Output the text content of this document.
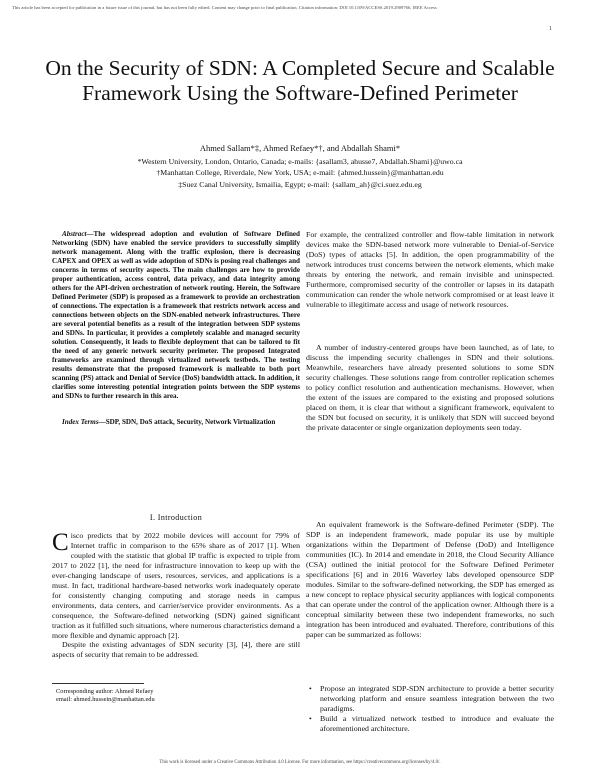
This article has been accepted for publication in a future issue of this journal, but has not been fully edited. Content may change prior to final publication. Citation information: DOI 10.1109/ACCESS.2019.2909766, IEEE Access
1
On the Security of SDN: A Completed Secure and Scalable Framework Using the Software-Defined Perimeter
Ahmed Sallam*‡, Ahmed Refaey*†, and Abdallah Shami*
*Western University, London, Ontario, Canada; e-mails: {asallam3, ahusse7, Abdallah.Shami}@uwo.ca
†Manhattan College, Riverdale, New York, USA; e-mail: {ahmed.hussein}@manhattan.edu
‡Suez Canal University, Ismailia, Egypt; e-mail: {sallam_ah}@ci.suez.edu.eg

Abstract—The widespread adoption and evolution of Software Defined Networking (SDN) have enabled the service providers to successfully simplify network management. Along with the traffic explosion, there is decreasing CAPEX and OPEX as well as wide adoption of SDNs is posing real challenges and concerns in terms of security aspects. The main challenges are how to provide proper authentication, access control, data privacy, and data integrity among others for the API-driven orchestration of network routing. Herein, the Software Defined Perimeter (SDP) is proposed as a framework to provide an orchestration of connections. The expectation is a framework that restricts network access and connections between objects on the SDN-enabled network infrastructures. There are several potential benefits as a result of the integration between SDP systems and SDNs. In particular, it provides a completely scalable and managed security solution. Consequently, it leads to flexible deployment that can be tailored to fit the need of any generic network security perimeter. The proposed Integrated frameworks are examined through virtualized network testbeds. The testing results demonstrate that the proposed framework is malleable to both port scanning (PS) attack and Denial of Service (DoS) bandwidth attack. In addition, it clarifies some interesting potential integration points between the SDP systems and SDNs to further research in this area.

Index Terms—SDP, SDN, DoS attack, Security, Network Virtualization

I. Introduction

Cisco predicts that by 2022 mobile devices will account for 79% of Internet traffic in comparison to the 65% share as of 2017 [1]. When coupled with the statistic that global IP traffic is expected to triple from 2017 to 2022 [1], the need for infrastructure innovation to keep up with the ever-changing landscape of users, resources, services, and applications is a must. In fact, traditional hardware-based networks work inadequately operate for consistently changing computing and storage needs in campus environments, data centers, and carrier/service provider environments. As a consequence, the Software-defined networking (SDN) gained significant traction as it fulfilled such situations, where numerous characteristics demand a more flexible and dynamic approach [2].

Despite the existing advantages of SDN security [3], [4], there are still aspects of security that remain to be addressed.

Corresponding author: Ahmed Refaey
email: ahmed.hussein@manhattan.edu

For example, the centralized controller and flow-table limitation in network devices make the SDN-based network more vulnerable to Denial-of-Service (DoS) types of attacks [5]. In addition, the open programmability of the network introduces trust concerns between the network elements, which make threats by entering the network, and remain invisible and uninspected. Furthermore, compromised security of the controller or lapses in its datapath communication can render the whole network compromised or at least leave it vulnerable to illegitimate access and usage of network resources.

A number of industry-centered groups have been launched, as of late, to discuss the impending security challenges in SDN and their solutions. Meanwhile, researchers have already presented solutions to some SDN security challenges. These solutions range from controller replication schemes to policy conflict resolution and authentication mechanisms. However, when the extent of the issues are compared to the existing and proposed solutions placed on them, it is clear that without a significant framework, equivalent to the SDN but focused on security, it is unlikely that SDN will succeed beyond the private datacenter or single organization deployments seen today.

An equivalent framework is the Software-defined Perimeter (SDP). The SDP is an independent framework, made popular its use by multiple organizations within the Department of Defense (DoD) and Intelligence communities (IC). In 2014 and emendate in 2018, the Cloud Security Alliance (CSA) outlined the initial protocol for the Software Defined Perimeter specifications [6] and in 2016 Waverley labs developed opensource SDP modules. Similar to the software-defined networking, the SDP has emerged as a new concept to replace physical security appliances with logical components that can operate under the control of the application owner. Although there is a conceptual similarity between these two independent frameworks, no such integration has been introduced and evaluated. Therefore, contributions of this paper can be summarized as follows:

• Propose an integrated SDP-SDN architecture to provide a better security networking platform and ensure seamless integration between the two paradigms.
• Build a virtualized network testbed to introduce and evaluate the aforementioned architecture.
This work is licensed under a Creative Commons Attribution 4.0 License. For more information, see https://creativecommons.org/licenses/by/4.0/.
